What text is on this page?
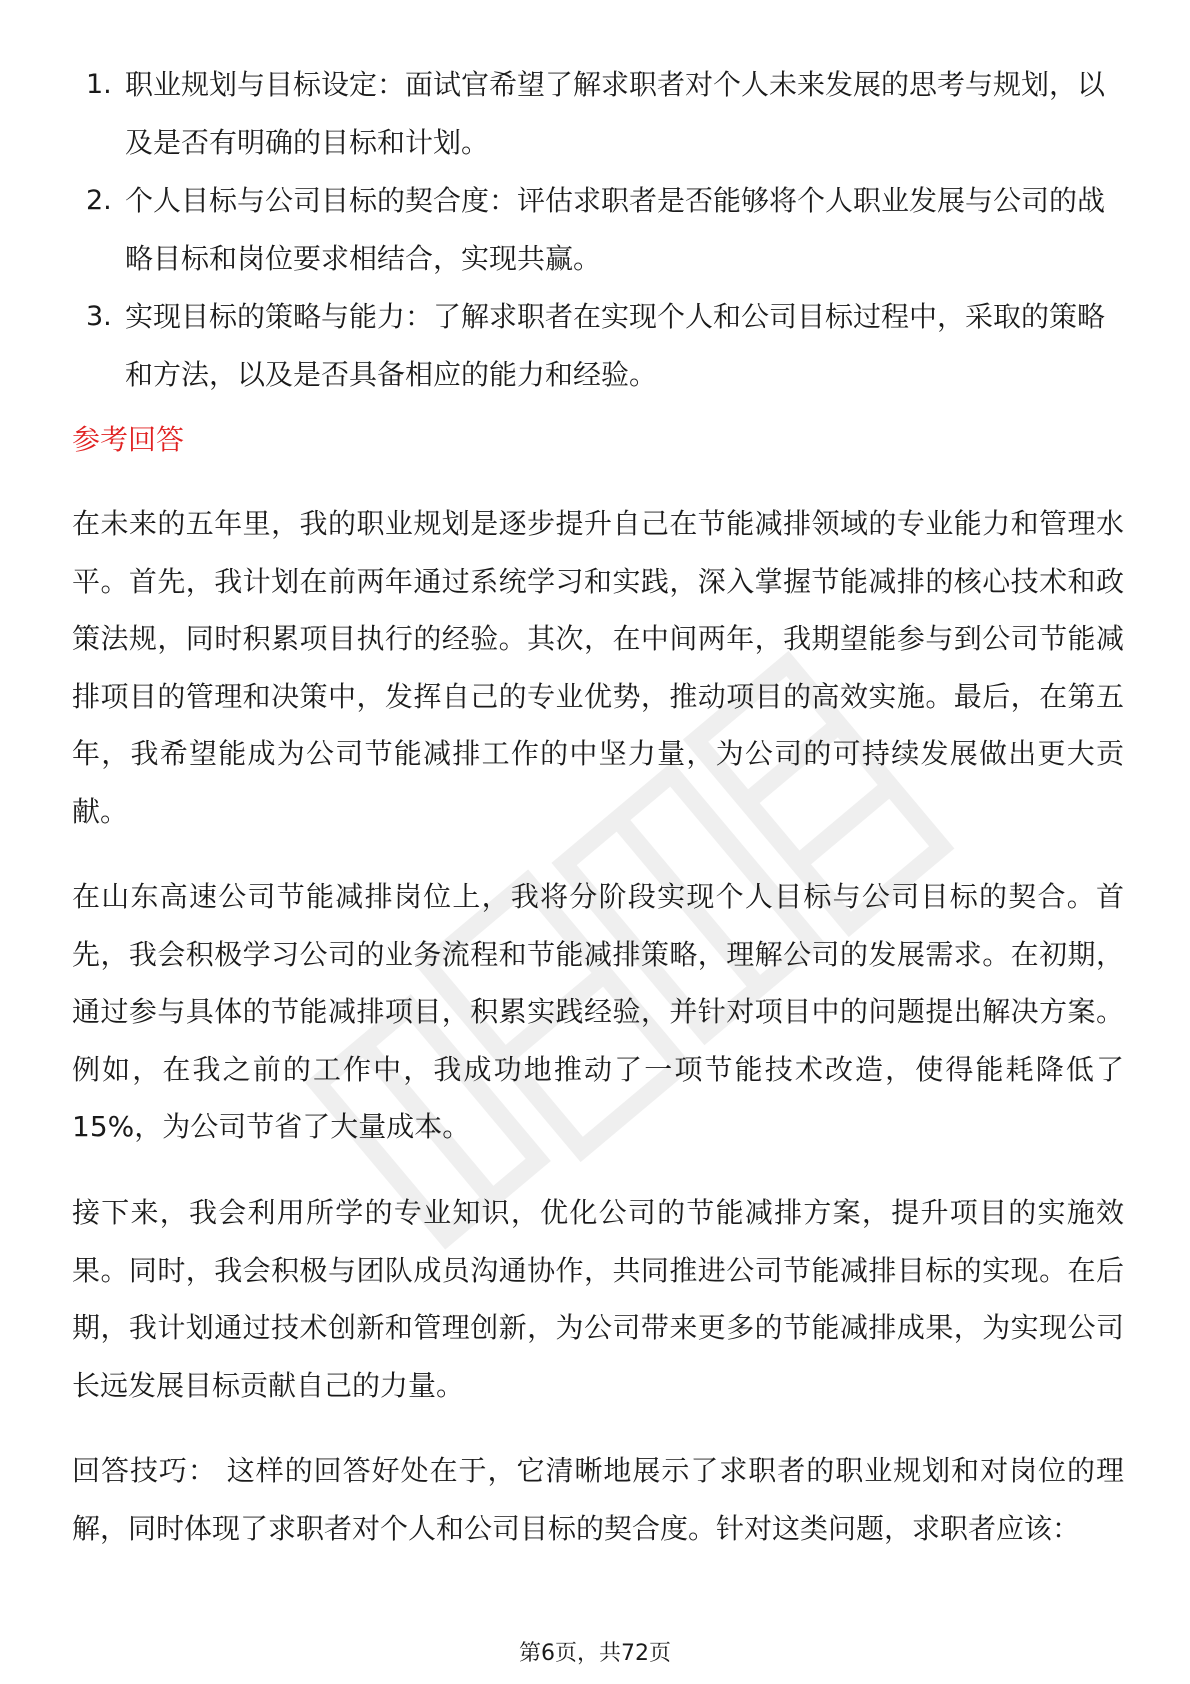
1. 职业规划与目标设定：面试官希望了解求职者对个人未来发展的思考与规划，以及是否有明确的目标和计划。
2. 个人目标与公司目标的契合度：评估求职者是否能够将个人职业发展与公司的战略目标和岗位要求相结合，实现共赢。
3. 实现目标的策略与能力：了解求职者在实现个人和公司目标过程中，采取的策略和方法，以及是否具备相应的能力和经验。
参考回答

在未来的五年里，我的职业规划是逐步提升自己在节能减排领域的专业能力和管理水平。首先，我计划在前两年通过系统学习和实践，深入掌握节能减排的核心技术和政策法规，同时积累项目执行的经验。其次，在中间两年，我期望能参与到公司节能减排项目的管理和决策中，发挥自己的专业优势，推动项目的高效实施。最后，在第五年，我希望能成为公司节能减排工作的中坚力量，为公司的可持续发展做出更大贡献。

在山东高速公司节能减排岗位上，我将分阶段实现个人目标与公司目标的契合。首先，我会积极学习公司的业务流程和节能减排策略，理解公司的发展需求。在初期，通过参与具体的节能减排项目，积累实践经验，并针对项目中的问题提出解决方案。例如，在我之前的工作中，我成功地推动了一项节能技术改造，使得能耗降低了15%，为公司节省了大量成本。

接下来，我会利用所学的专业知识，优化公司的节能减排方案，提升项目的实施效果。同时，我会积极与团队成员沟通协作，共同推进公司节能减排目标的实现。在后期，我计划通过技术创新和管理创新，为公司带来更多的节能减排成果，为实现公司长远发展目标贡献自己的力量。

回答技巧： 这样的回答好处在于，它清晰地展示了求职者的职业规划和对岗位的理解，同时体现了求职者对个人和公司目标的契合度。针对这类问题，求职者应该：

第6页，共72页
